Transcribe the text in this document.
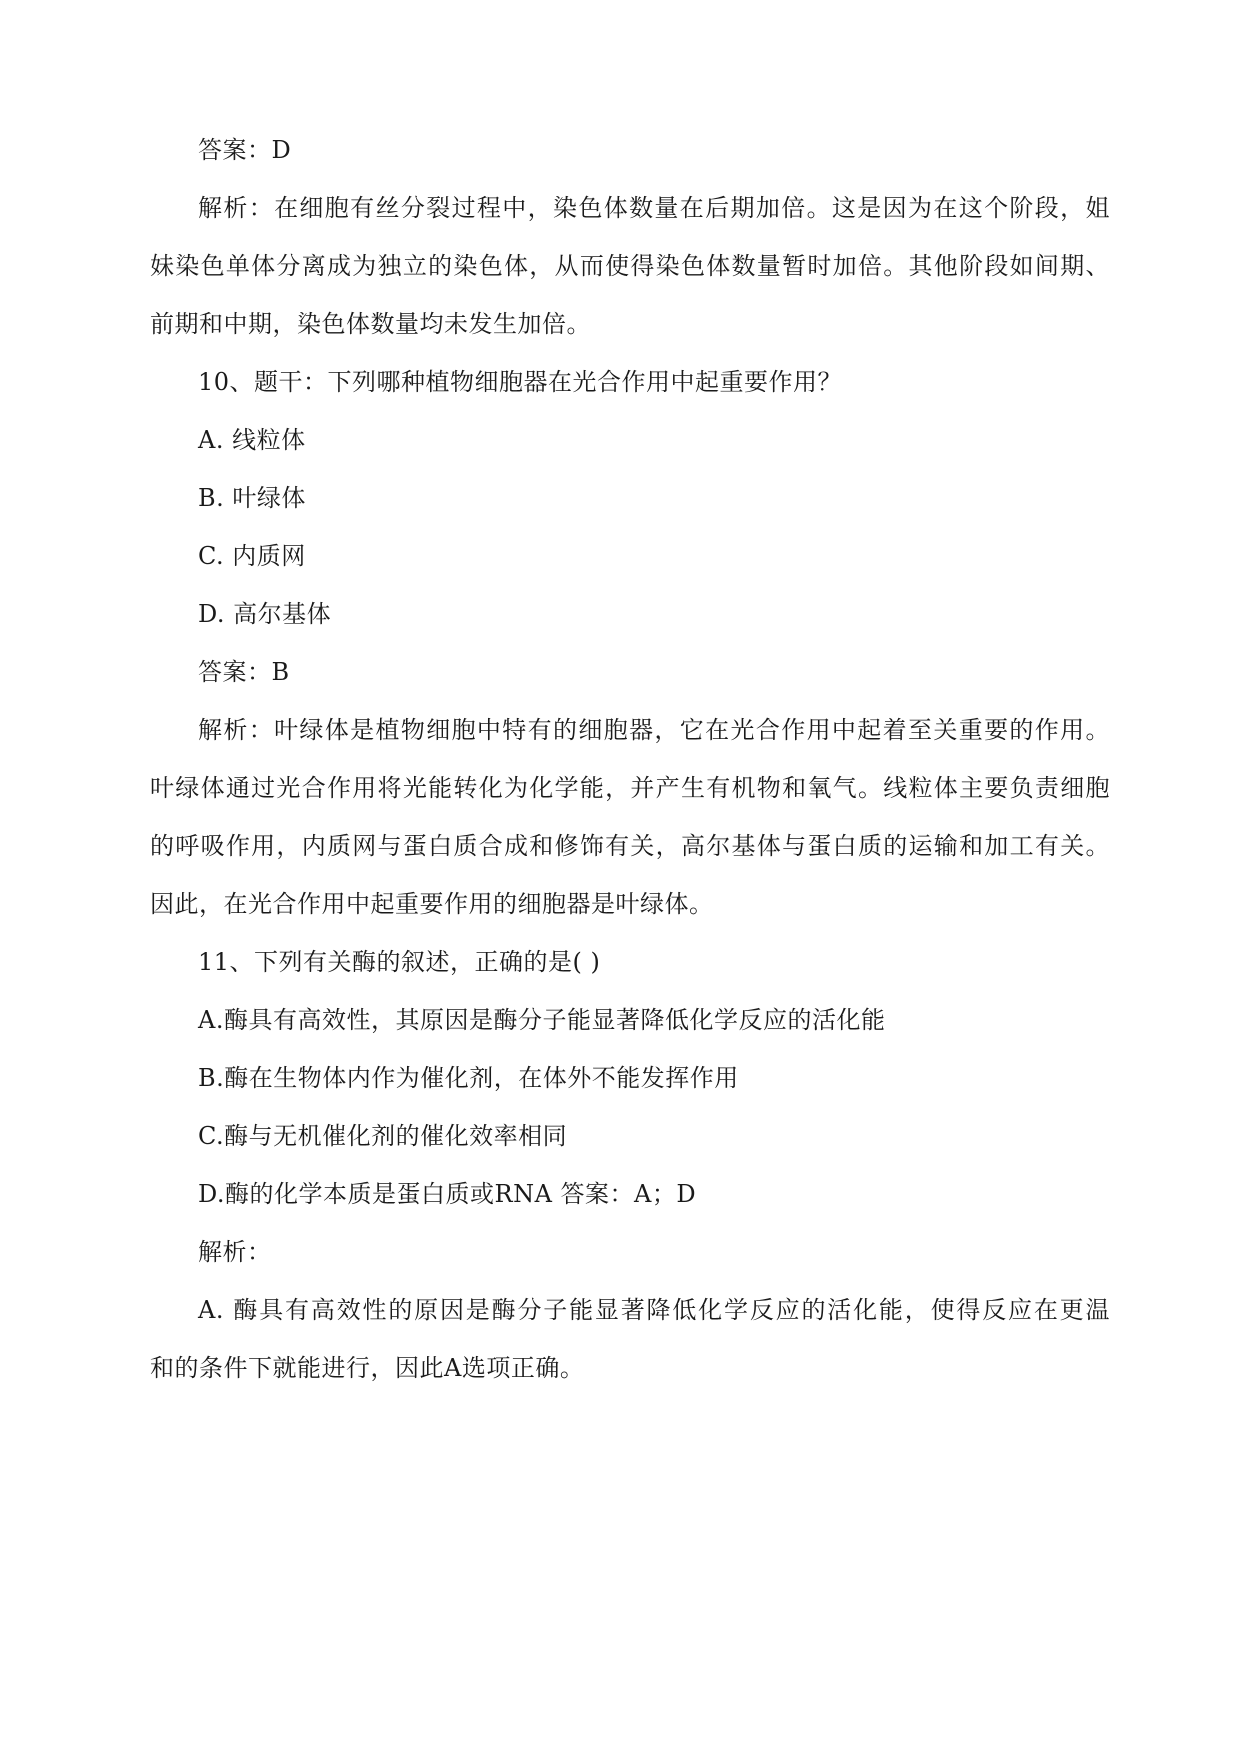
答案：D
解析：在细胞有丝分裂过程中，染色体数量在后期加倍。这是因为在这个阶段，姐
妹染色单体分离成为独立的染色体，从而使得染色体数量暂时加倍。其他阶段如间期、
前期和中期，染色体数量均未发生加倍。
10、题干：下列哪种植物细胞器在光合作用中起重要作用？
A. 线粒体
B. 叶绿体
C. 内质网
D. 高尔基体
答案：B
解析：叶绿体是植物细胞中特有的细胞器，它在光合作用中起着至关重要的作用。
叶绿体通过光合作用将光能转化为化学能，并产生有机物和氧气。线粒体主要负责细胞
的呼吸作用，内质网与蛋白质合成和修饰有关，高尔基体与蛋白质的运输和加工有关。
因此，在光合作用中起重要作用的细胞器是叶绿体。
11、下列有关酶的叙述，正确的是( )
A.酶具有高效性，其原因是酶分子能显著降低化学反应的活化能
B.酶在生物体内作为催化剂，在体外不能发挥作用
C.酶与无机催化剂的催化效率相同
D.酶的化学本质是蛋白质或RNA 答案：A；D
解析：
A. 酶具有高效性的原因是酶分子能显著降低化学反应的活化能，使得反应在更温
和的条件下就能进行，因此A选项正确。
